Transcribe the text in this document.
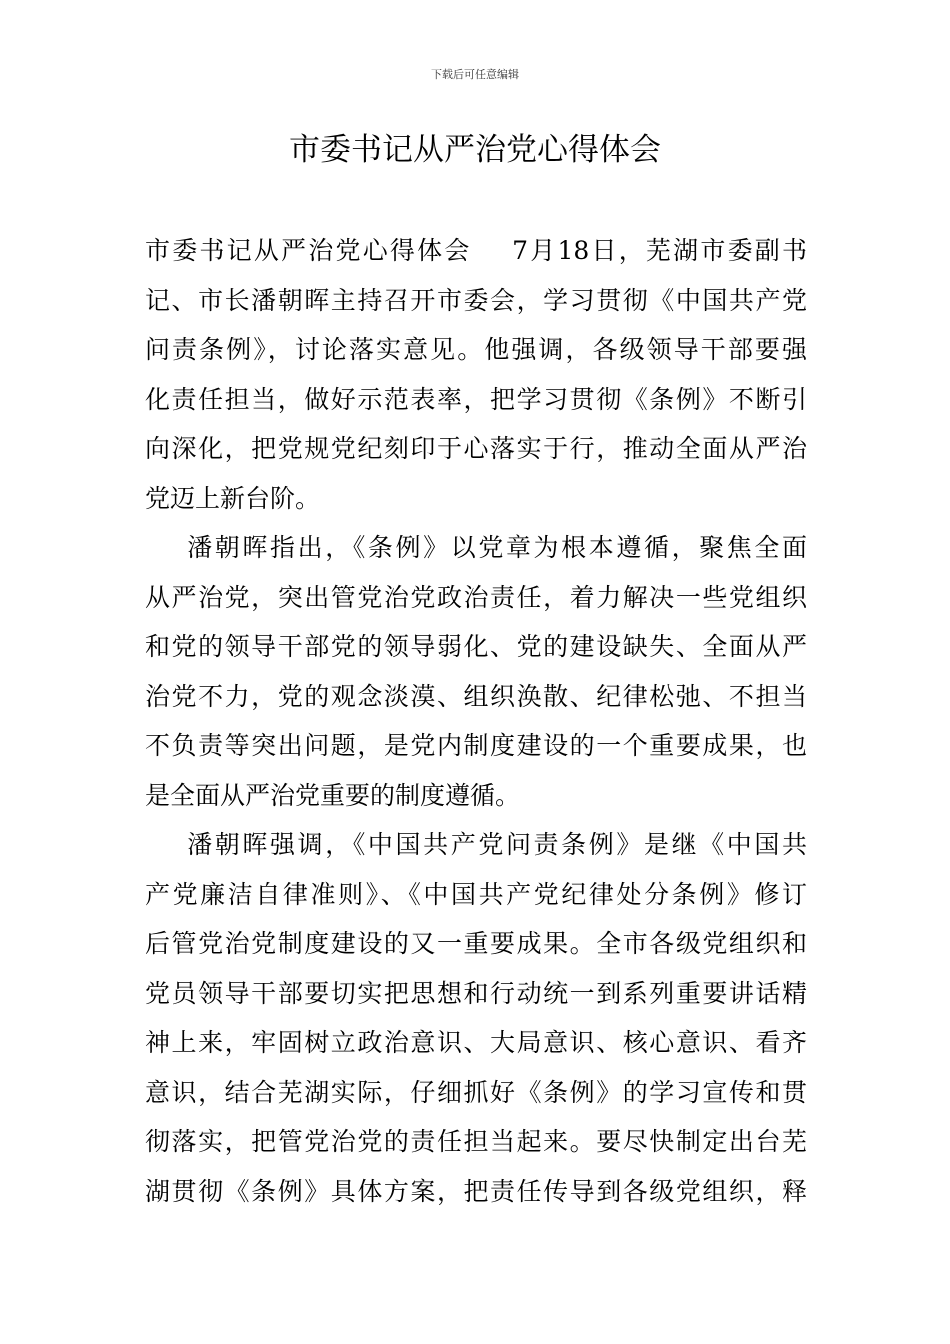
下载后可任意编辑
市委书记从严治党心得体会
市委书记从严治党心得体会    7月18日，芜湖市委副书
记、市长潘朝晖主持召开市委会，学习贯彻《中国共产党
问责条例》，讨论落实意见。他强调，各级领导干部要强
化责任担当，做好示范表率，把学习贯彻《条例》不断引
向深化，把党规党纪刻印于心落实于行，推动全面从严治
党迈上新台阶。
潘朝晖指出，《条例》以党章为根本遵循，聚焦全面
从严治党，突出管党治党政治责任，着力解决一些党组织
和党的领导干部党的领导弱化、党的建设缺失、全面从严
治党不力，党的观念淡漠、组织涣散、纪律松弛、不担当
不负责等突出问题，是党内制度建设的一个重要成果，也
是全面从严治党重要的制度遵循。
潘朝晖强调，《中国共产党问责条例》是继《中国共
产党廉洁自律准则》、《中国共产党纪律处分条例》修订
后管党治党制度建设的又一重要成果。全市各级党组织和
党员领导干部要切实把思想和行动统一到系列重要讲话精
神上来，牢固树立政治意识、大局意识、核心意识、看齐
意识，结合芜湖实际，仔细抓好《条例》的学习宣传和贯
彻落实，把管党治党的责任担当起来。要尽快制定出台芜
湖贯彻《条例》具体方案，把责任传导到各级党组织，释
